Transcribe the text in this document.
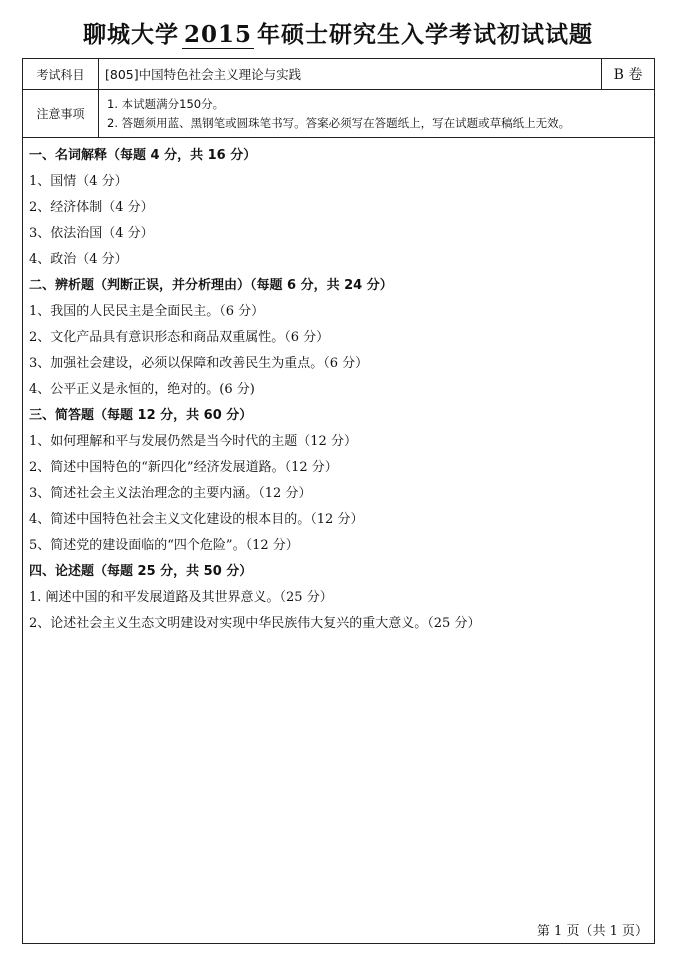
聊城大学 2015 年硕士研究生入学考试初试试题
考试科目	[805]中国特色社会主义理论与实践	B 卷
注意事项
1. 本试题满分150分。
2. 答题须用蓝、黑钢笔或圆珠笔书写。答案必须写在答题纸上，写在试题或草稿纸上无效。
一、名词解释（每题 4 分，共 16 分）
1、国情（4 分）
2、经济体制（4 分）
3、依法治国（4 分）
4、政治（4 分）
二、辨析题（判断正误，并分析理由）（每题 6 分，共 24 分）
1、我国的人民民主是全面民主。（6 分）
2、文化产品具有意识形态和商品双重属性。（6 分）
3、加强社会建设，必须以保障和改善民生为重点。（6 分）
4、公平正义是永恒的，绝对的。(6 分)
三、简答题（每题 12 分，共 60 分）
1、如何理解和平与发展仍然是当今时代的主题（12 分）
2、简述中国特色的“新四化”经济发展道路。（12 分）
3、简述社会主义法治理念的主要内涵。（12 分）
4、简述中国特色社会主义文化建设的根本目的。（12 分）
5、简述党的建设面临的“四个危险”。（12 分）
四、论述题（每题 25 分，共 50 分）
1. 阐述中国的和平发展道路及其世界意义。（25 分）
2、论述社会主义生态文明建设对实现中华民族伟大复兴的重大意义。（25 分）
第 1 页（共 1 页）
